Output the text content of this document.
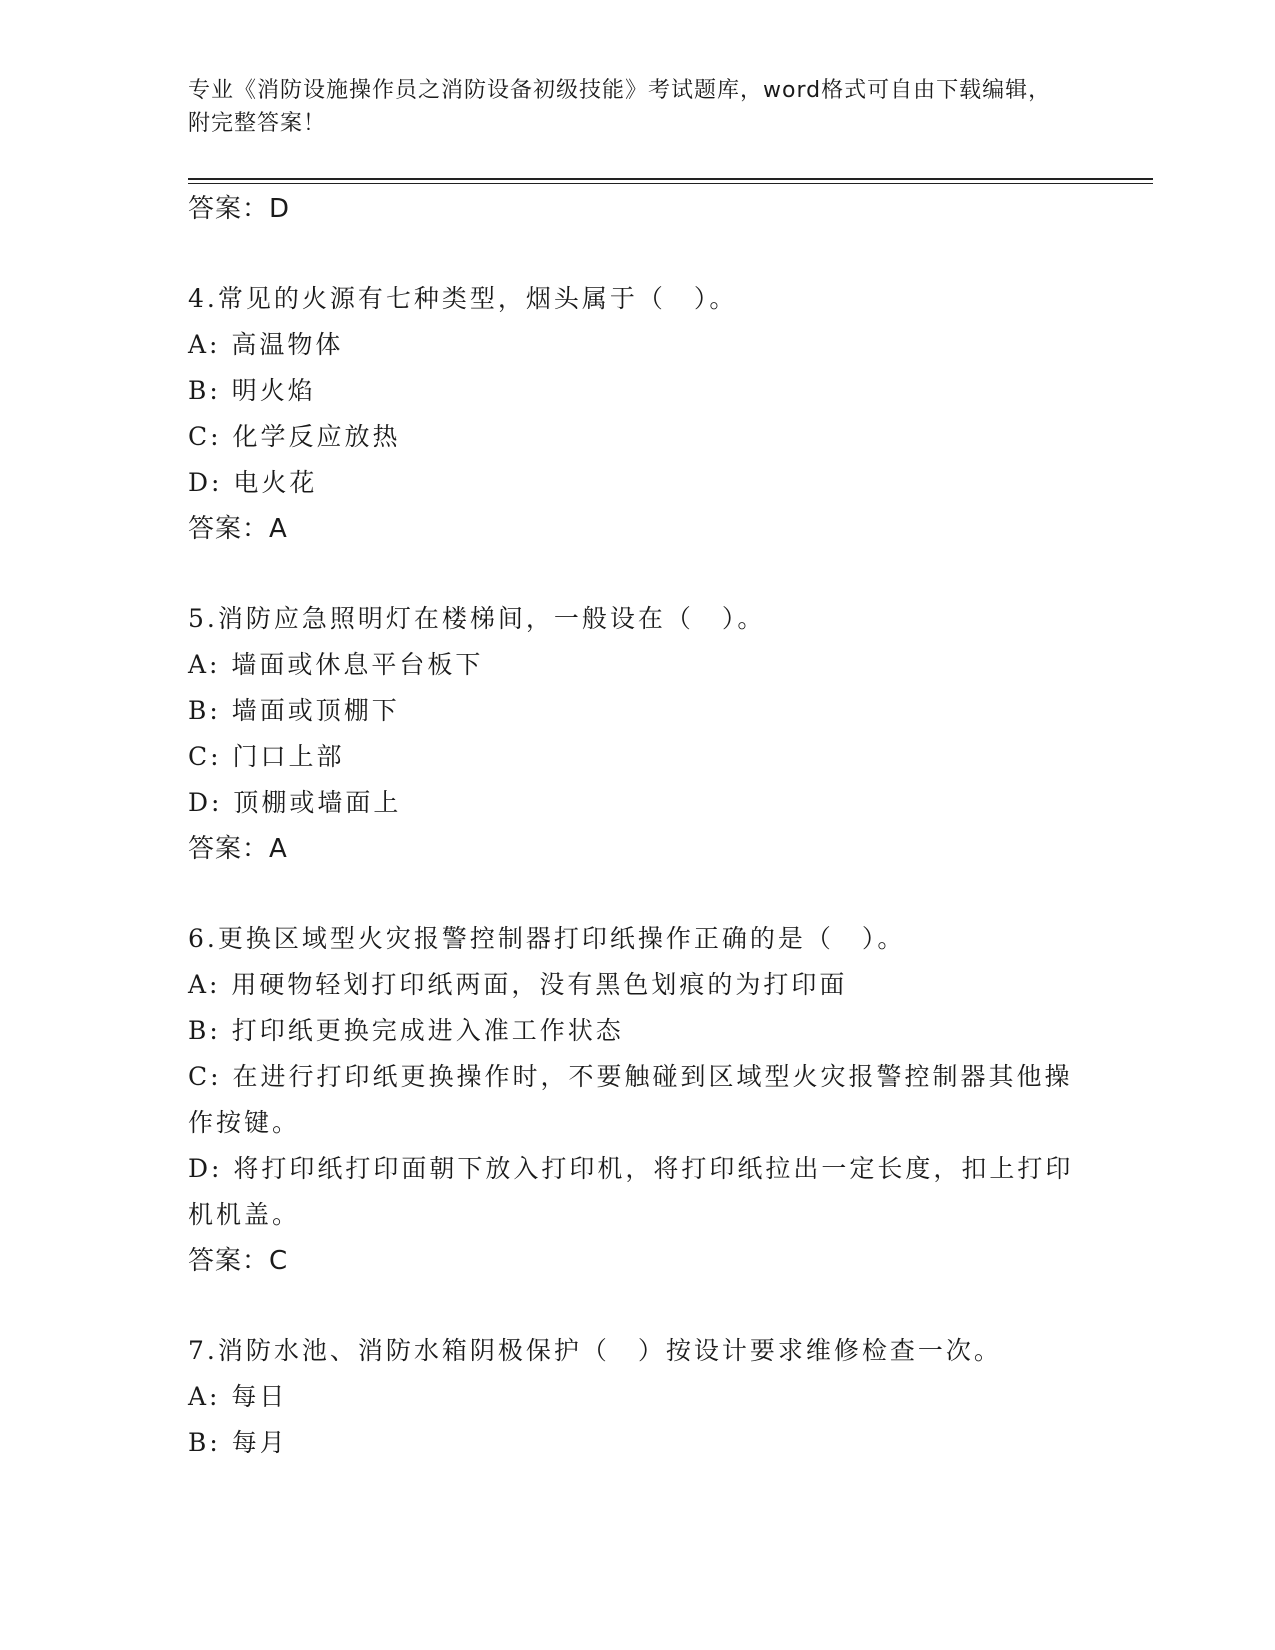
专业《消防设施操作员之消防设备初级技能》考试题库，word格式可自由下载编辑，附完整答案！
答案：D
4.常见的火源有七种类型，烟头属于（　）。
A: 高温物体
B: 明火焰
C: 化学反应放热
D: 电火花
答案：A
5.消防应急照明灯在楼梯间，一般设在（　）。
A: 墙面或休息平台板下
B: 墙面或顶棚下
C: 门口上部
D: 顶棚或墙面上
答案：A
6.更换区域型火灾报警控制器打印纸操作正确的是（　）。
A: 用硬物轻划打印纸两面，没有黑色划痕的为打印面
B: 打印纸更换完成进入准工作状态
C: 在进行打印纸更换操作时，不要触碰到区域型火灾报警控制器其他操作按键。
D: 将打印纸打印面朝下放入打印机，将打印纸拉出一定长度，扣上打印机机盖。
答案：C
7.消防水池、消防水箱阴极保护（　）按设计要求维修检查一次。
A: 每日
B: 每月
